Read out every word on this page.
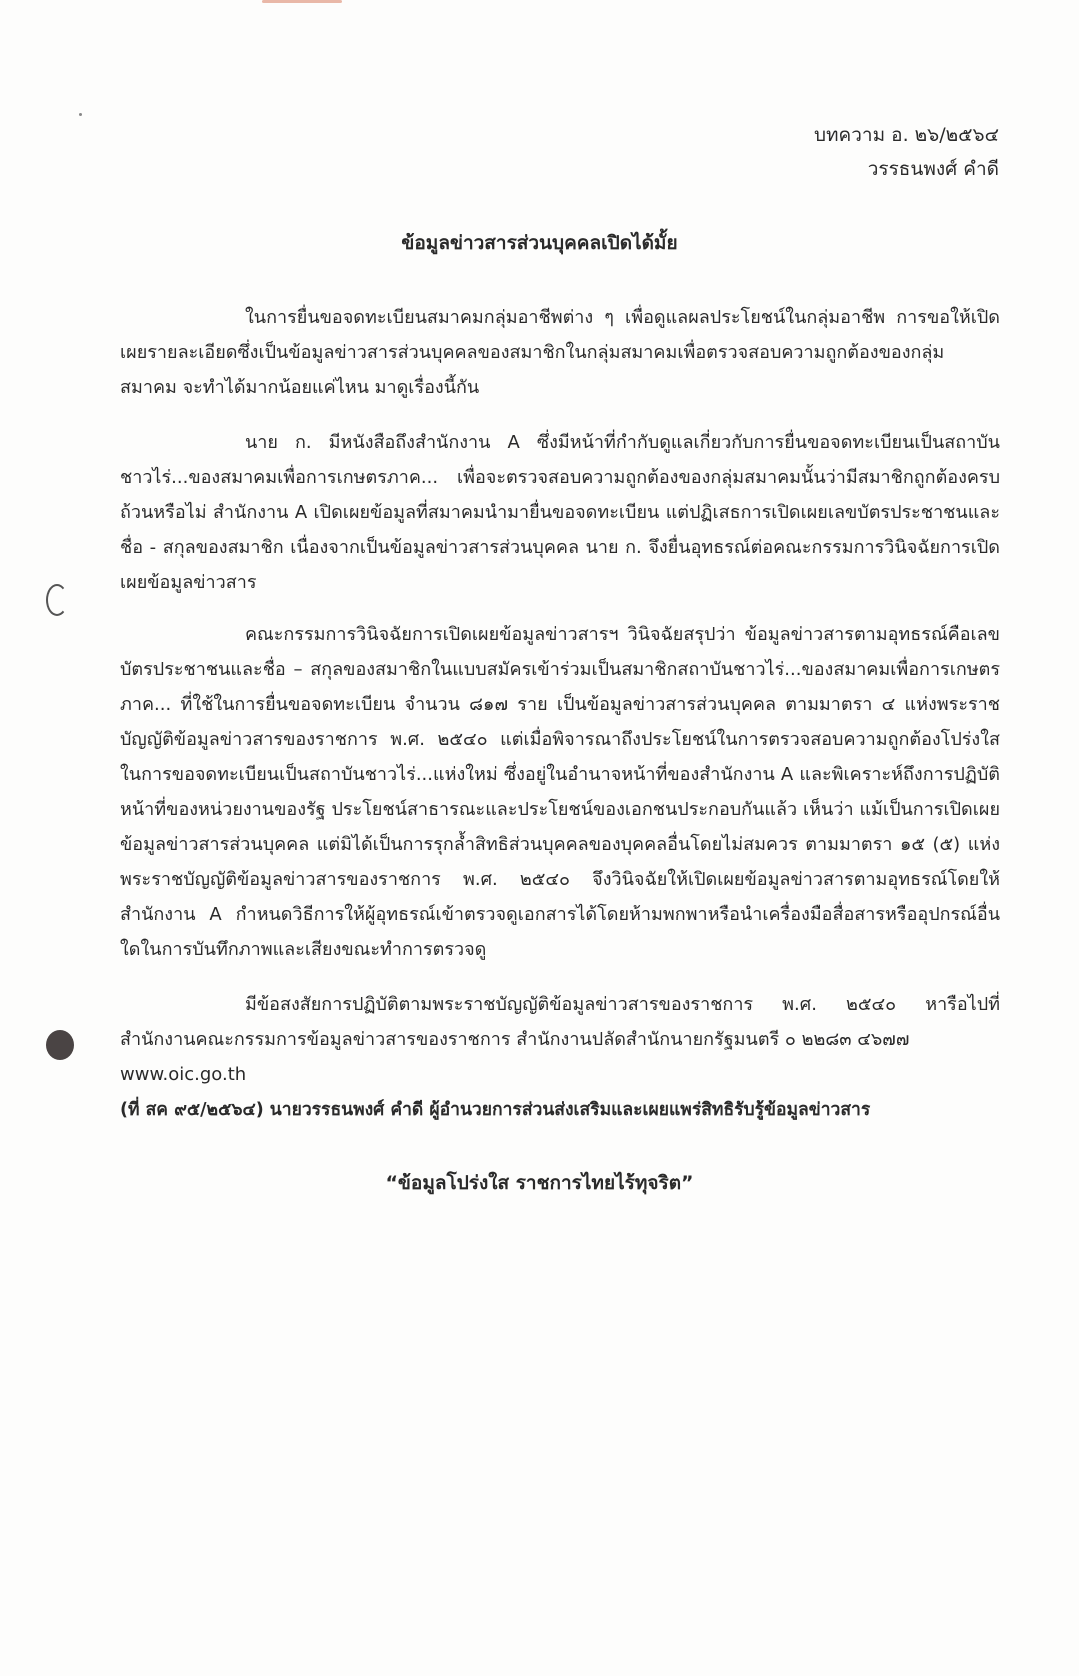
บทความ อ. ๒๖/๒๕๖๔
วรรธนพงศ์ คำดี
ข้อมูลข่าวสารส่วนบุคคลเปิดได้มั้ย

ในการยื่นขอจดทะเบียนสมาคมกลุ่มอาชีพต่าง ๆ เพื่อดูแลผลประโยชน์ในกลุ่มอาชีพ การขอให้เปิดเผยรายละเอียดซึ่งเป็นข้อมูลข่าวสารส่วนบุคคลของสมาชิกในกลุ่มสมาคมเพื่อตรวจสอบความถูกต้องของกลุ่มสมาคม จะทำได้มากน้อยแค่ไหน มาดูเรื่องนี้กัน

นาย ก. มีหนังสือถึงสำนักงาน A ซึ่งมีหน้าที่กำกับดูแลเกี่ยวกับการยื่นขอจดทะเบียนเป็นสถาบันชาวไร่...ของสมาคมเพื่อการเกษตรภาค... เพื่อจะตรวจสอบความถูกต้องของกลุ่มสมาคมนั้นว่ามีสมาชิกถูกต้องครบถ้วนหรือไม่ สำนักงาน A เปิดเผยข้อมูลที่สมาคมนำมายื่นขอจดทะเบียน แต่ปฏิเสธการเปิดเผยเลขบัตรประชาชนและชื่อ - สกุลของสมาชิก เนื่องจากเป็นข้อมูลข่าวสารส่วนบุคคล นาย ก. จึงยื่นอุทธรณ์ต่อคณะกรรมการวินิจฉัยการเปิดเผยข้อมูลข่าวสาร

คณะกรรมการวินิจฉัยการเปิดเผยข้อมูลข่าวสารฯ วินิจฉัยสรุปว่า ข้อมูลข่าวสารตามอุทธรณ์คือเลขบัตรประชาชนและชื่อ – สกุลของสมาชิกในแบบสมัครเข้าร่วมเป็นสมาชิกสถาบันชาวไร่...ของสมาคมเพื่อการเกษตรภาค... ที่ใช้ในการยื่นขอจดทะเบียน จำนวน ๘๑๗ ราย เป็นข้อมูลข่าวสารส่วนบุคคล ตามมาตรา ๔ แห่งพระราชบัญญัติข้อมูลข่าวสารของราชการ พ.ศ. ๒๕๔๐ แต่เมื่อพิจารณาถึงประโยชน์ในการตรวจสอบความถูกต้องโปร่งใสในการขอจดทะเบียนเป็นสถาบันชาวไร่...แห่งใหม่ ซึ่งอยู่ในอำนาจหน้าที่ของสำนักงาน A และพิเคราะห์ถึงการปฏิบัติหน้าที่ของหน่วยงานของรัฐ ประโยชน์สาธารณะและประโยชน์ของเอกชนประกอบกันแล้ว เห็นว่า แม้เป็นการเปิดเผยข้อมูลข่าวสารส่วนบุคคล แต่มิได้เป็นการรุกล้ำสิทธิส่วนบุคคลของบุคคลอื่นโดยไม่สมควร ตามมาตรา ๑๕ (๕) แห่งพระราชบัญญัติข้อมูลข่าวสารของราชการ พ.ศ. ๒๕๔๐ จึงวินิจฉัยให้เปิดเผยข้อมูลข่าวสารตามอุทธรณ์โดยให้สำนักงาน A กำหนดวิธีการให้ผู้อุทธรณ์เข้าตรวจดูเอกสารได้โดยห้ามพกพาหรือนำเครื่องมือสื่อสารหรืออุปกรณ์อื่นใดในการบันทึกภาพและเสียงขณะทำการตรวจดู

มีข้อสงสัยการปฏิบัติตามพระราชบัญญัติข้อมูลข่าวสารของราชการ พ.ศ. ๒๕๔๐ หารือไปที่สำนักงานคณะกรรมการข้อมูลข่าวสารของราชการ สำนักงานปลัดสำนักนายกรัฐมนตรี ๐ ๒๒๘๓ ๔๖๗๗

www.oic.go.th
(ที่ สค ๙๕/๒๕๖๔) นายวรรธนพงศ์ คำดี ผู้อำนวยการส่วนส่งเสริมและเผยแพร่สิทธิรับรู้ข้อมูลข่าวสาร
“ข้อมูลโปร่งใส ราชการไทยไร้ทุจริต”
